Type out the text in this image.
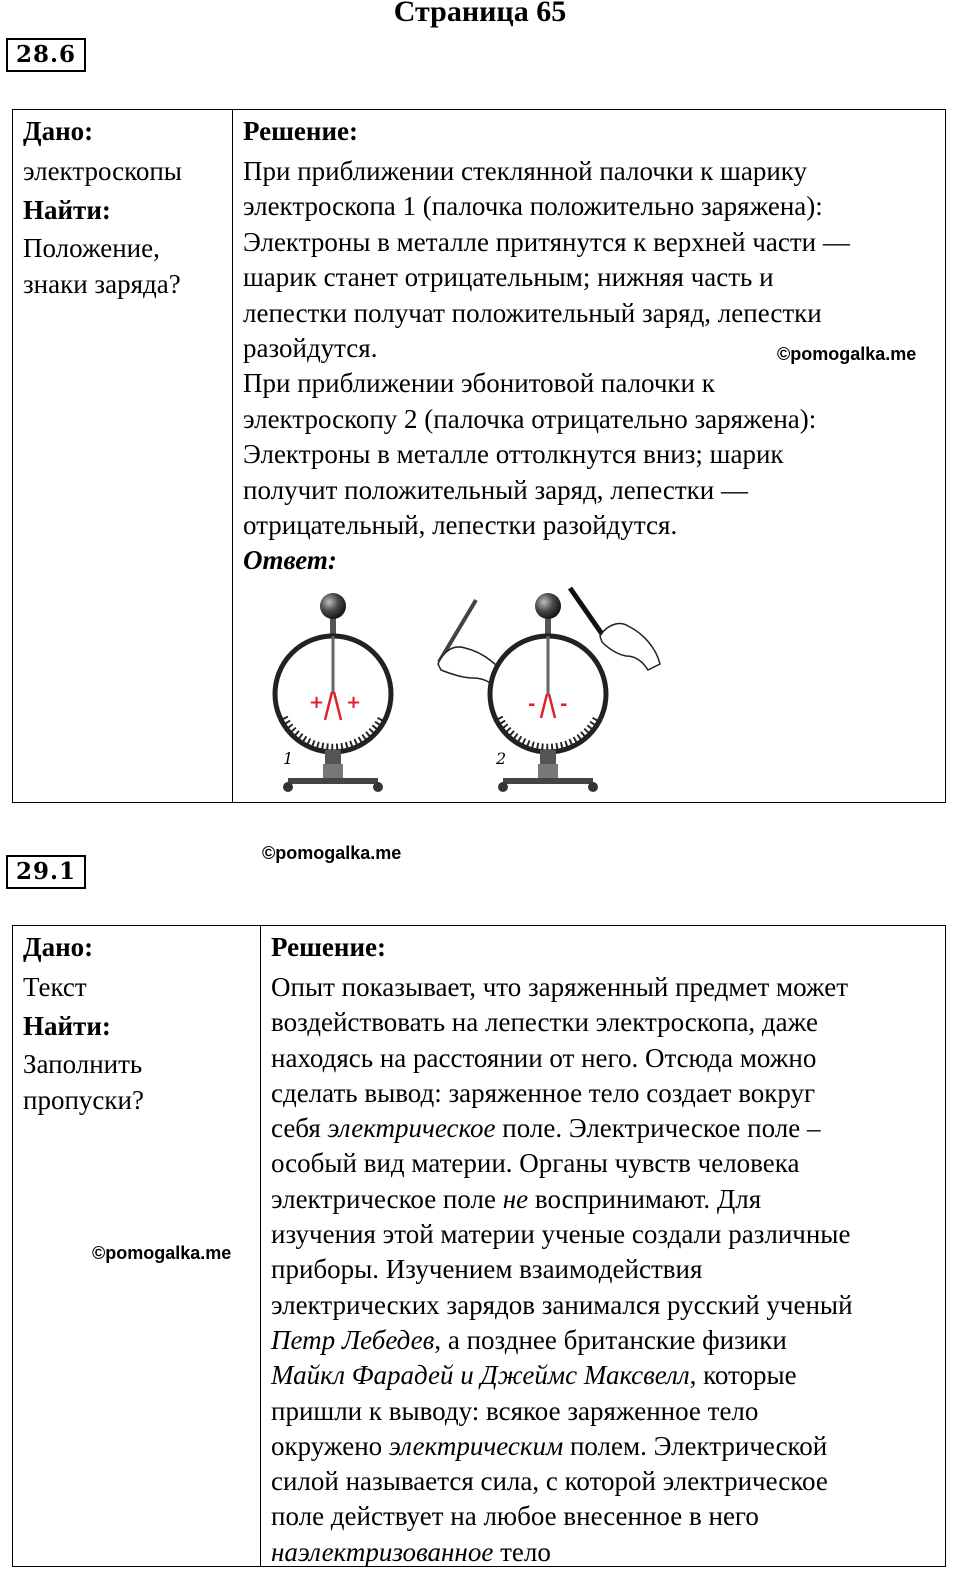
Страница 65
28.6
Дано:
электроскопы
Найти:
Положение,
знаки заряда?
Решение:
При приближении стеклянной палочки к шарику
электроскопа 1 (палочка положительно заряжена):
Электроны в металле притянутся к верхней части —
шарик станет отрицательным; нижняя часть и
лепестки получат положительный заряд, лепестки
разойдутся.
При приближении эбонитовой палочки к
электроскопу 2 (палочка отрицательно заряжена):
Электроны в металле оттолкнутся вниз; шарик
получит положительный заряд, лепестки —
отрицательный, лепестки разойдутся.
Ответ:
©pomogalka.me
+ +
1
- -
2
29.1
©pomogalka.me
Дано:
Текст
Найти:
Заполнить
пропуски?
Решение:
Опыт показывает, что заряженный предмет может
воздействовать на лепестки электроскопа, даже
находясь на расстоянии от него. Отсюда можно
сделать вывод: заряженное тело создает вокруг
себя электрическое поле. Электрическое поле –
особый вид материи. Органы чувств человека
электрическое поле не воспринимают. Для
изучения этой материи ученые создали различные
приборы. Изучением взаимодействия
электрических зарядов занимался русский ученый
Петр Лебедев, а позднее британские физики
Майкл Фарадей и Джеймс Максвелл, которые
пришли к выводу: всякое заряженное тело
окружено электрическим полем. Электрической
силой называется сила, с которой электрическое
поле действует на любое внесенное в него
наэлектризованное тело
©pomogalka.me
